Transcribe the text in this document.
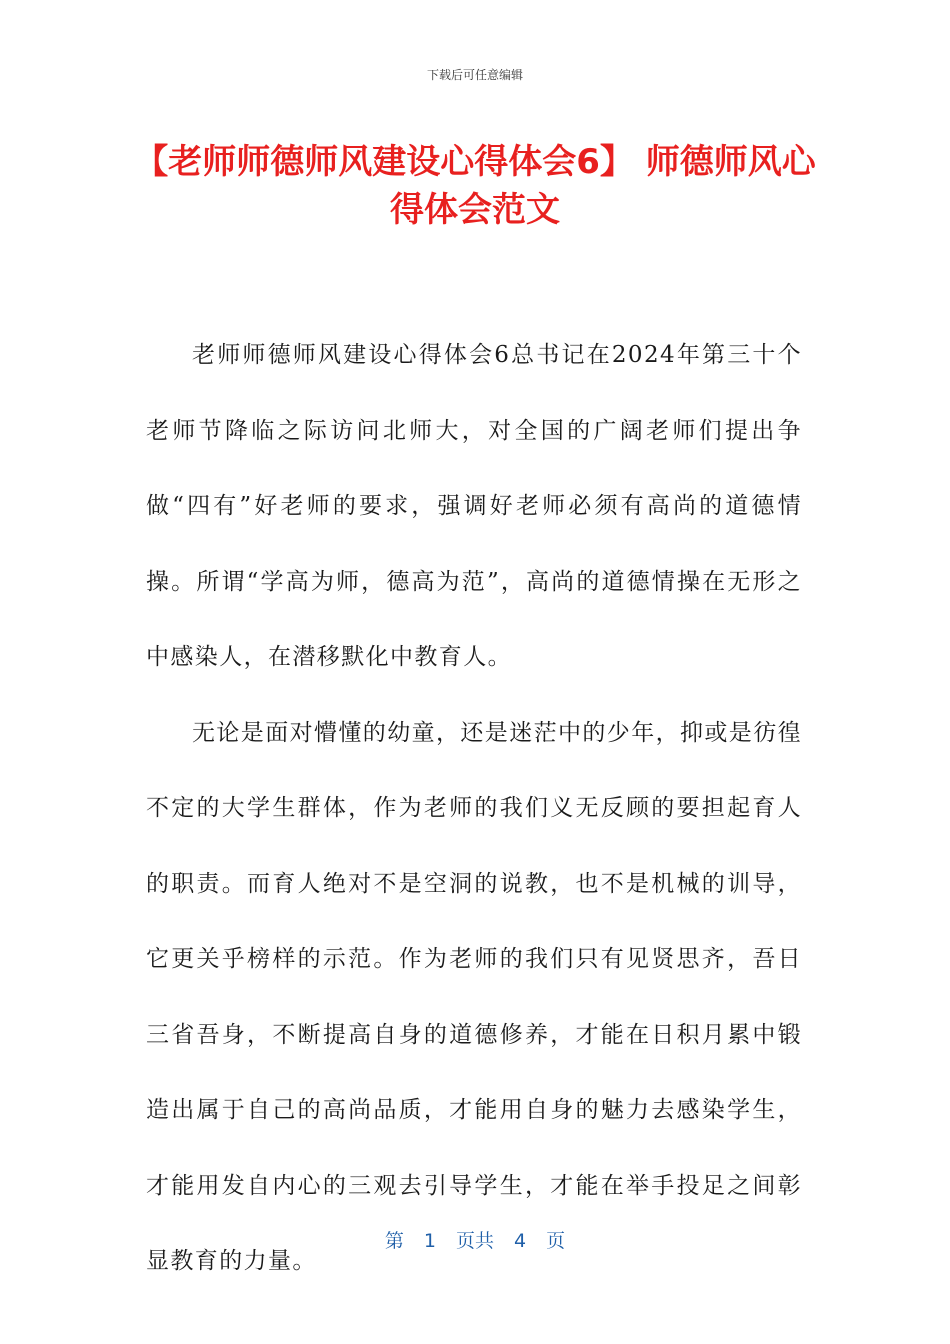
下载后可任意编辑
【老师师德师风建设心得体会6】 师德师风心得体会范文

老师师德师风建设心得体会6总书记在2024年第三十个老师节降临之际访问北师大，对全国的广阔老师们提出争做“四有”好老师的要求，强调好老师必须有高尚的道德情操。所谓“学高为师，德高为范”，高尚的道德情操在无形之中感染人，在潜移默化中教育人。

无论是面对懵懂的幼童，还是迷茫中的少年，抑或是彷徨不定的大学生群体，作为老师的我们义无反顾的要担起育人的职责。而育人绝对不是空洞的说教，也不是机械的训导，它更关乎榜样的示范。作为老师的我们只有见贤思齐，吾日三省吾身，不断提高自身的道德修养，才能在日积月累中锻造出属于自己的高尚品质，才能用自身的魅力去感染学生，才能用发自内心的三观去引导学生，才能在举手投足之间彰显教育的力量。

第 1 页共 4 页
